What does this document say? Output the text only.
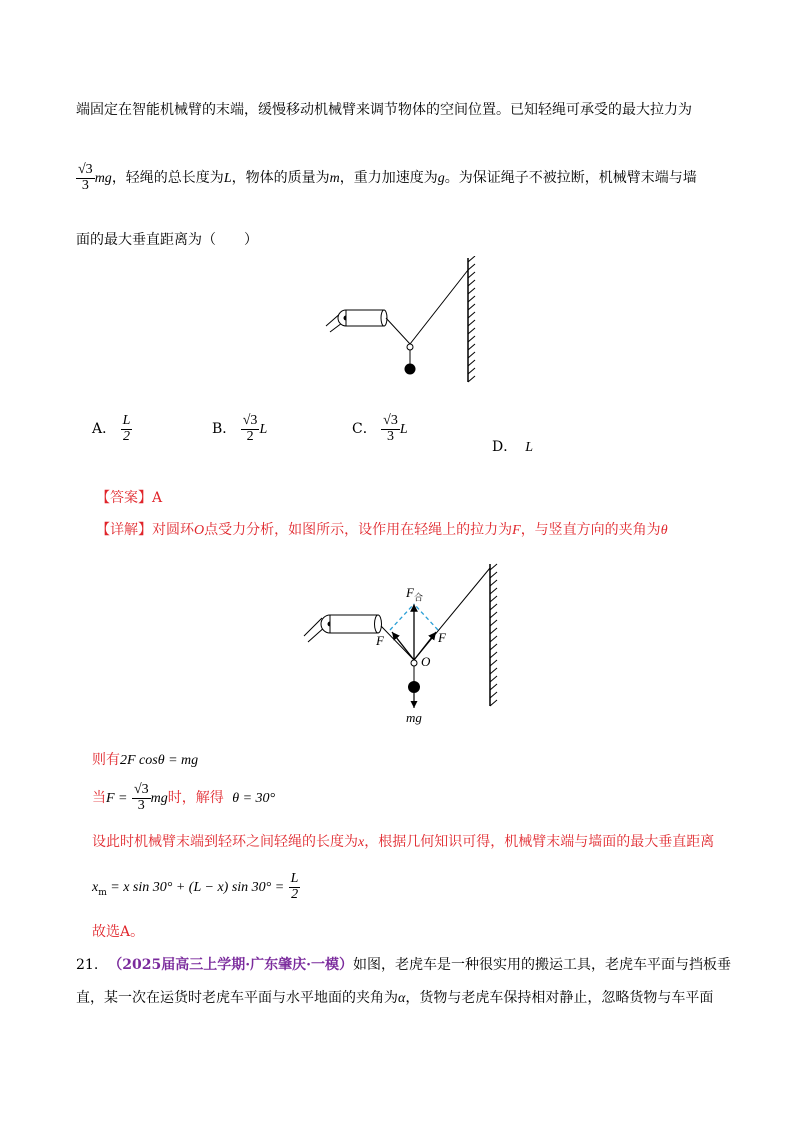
端固定在智能机械臂的末端，缓慢移动机械臂来调节物体的空间位置。已知轻绳可承受的最大拉力为
$\frac{√3}{3}$ mg，轻绳的总长度为L，物体的质量为m，重力加速度为g。为保证绳子不被拉断，机械臂末端与墙
面的最大垂直距离为（　　）
A． $\frac{L}{2}$	B． $\frac{√3}{2}$ L	C． $\frac{√3}{3}$ L
D． L
【答案】A
【详解】对圆环O点受力分析，如图所示，设作用在轻绳上的拉力为F，与竖直方向的夹角为θ
$F_合$
F	F
O
mg
则有2F cosθ = mg
当$F = \frac{√3}{3}$ mg时，解得 θ = 30°
设此时机械臂末端到轻环之间轻绳的长度为x，根据几何知识可得，机械臂末端与墙面的最大垂直距离
$x_m = x$ sin 30° + (L − x) $\sin 30^\circ = \frac{L}{2}$
故选A。
21. （2025届高三上学期·广东肇庆·一模）如图，老虎车是一种很实用的搬运工具，老虎车平面与挡板垂
直，某一次在运货时老虎车平面与水平地面的夹角为α，货物与老虎车保持相对静止，忽略货物与车平面
